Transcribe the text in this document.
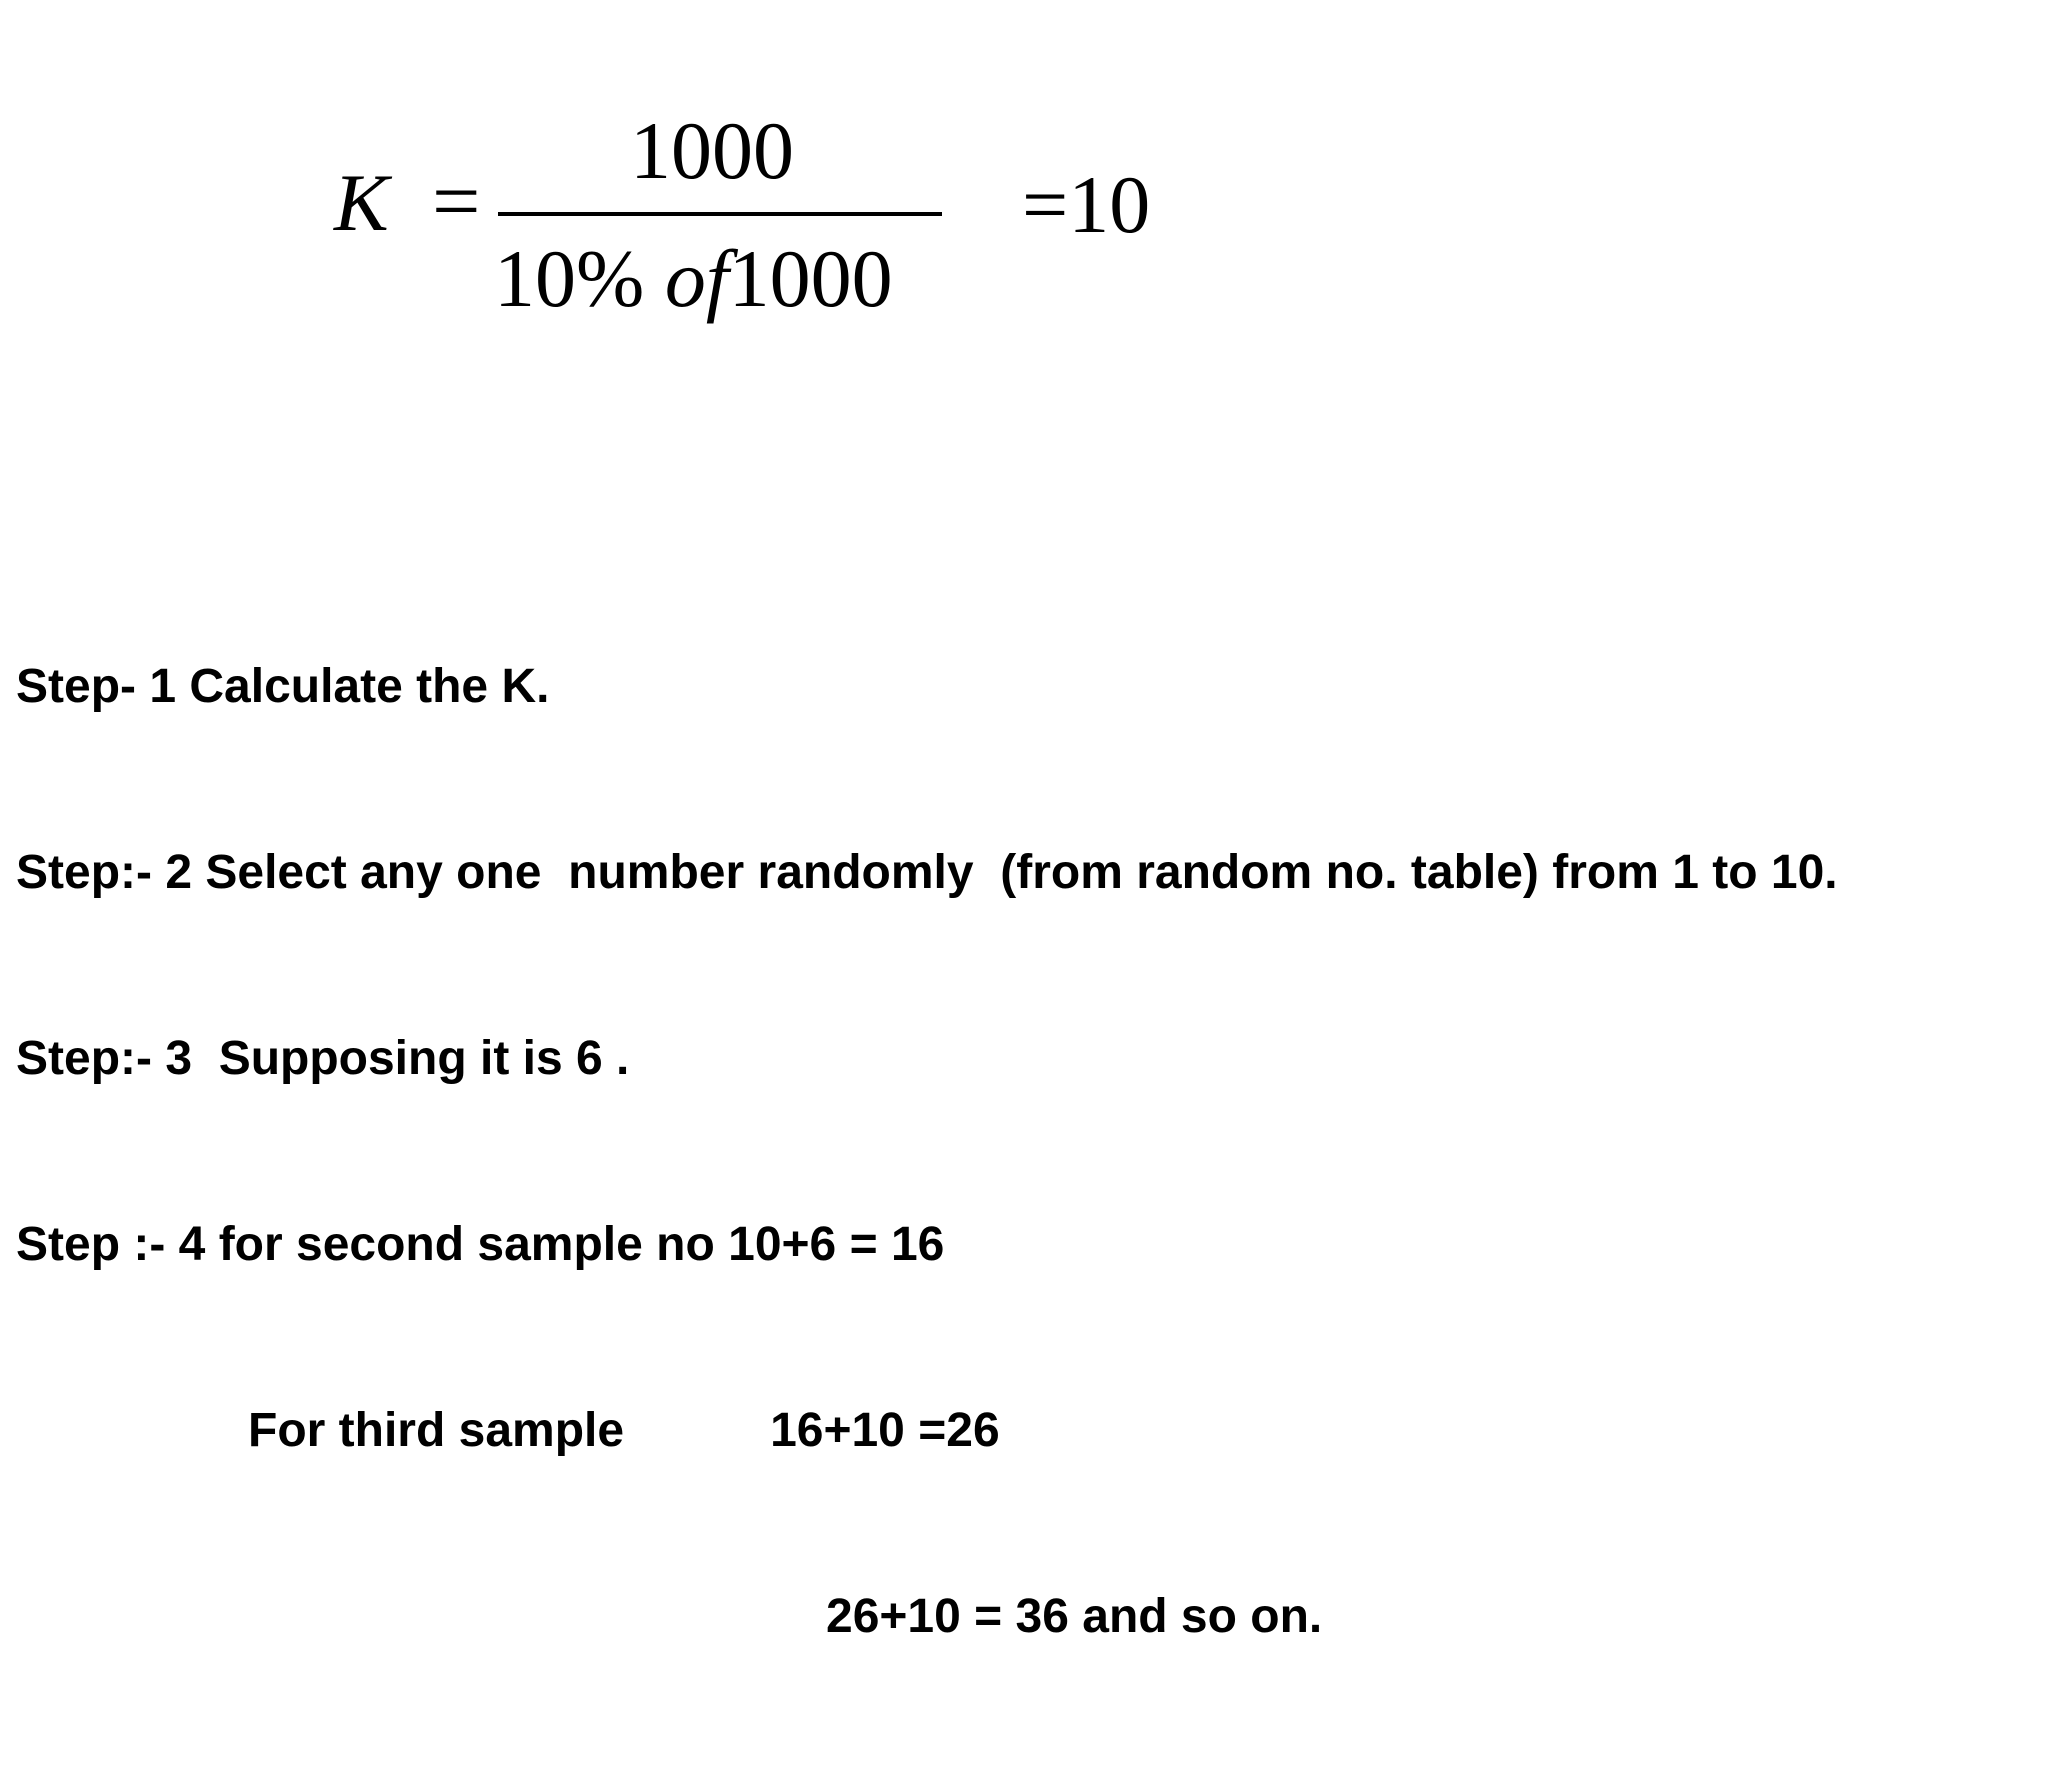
K =
1000
10% of1000
=10

Step- 1 Calculate the K.

Step:- 2 Select any one  number randomly  (from random no. table) from 1 to 10.

Step:- 3  Supposing it is 6 .

Step :- 4 for second sample no 10+6 = 16

For third sample	16+10 =26

26+10 = 36 and so on.
